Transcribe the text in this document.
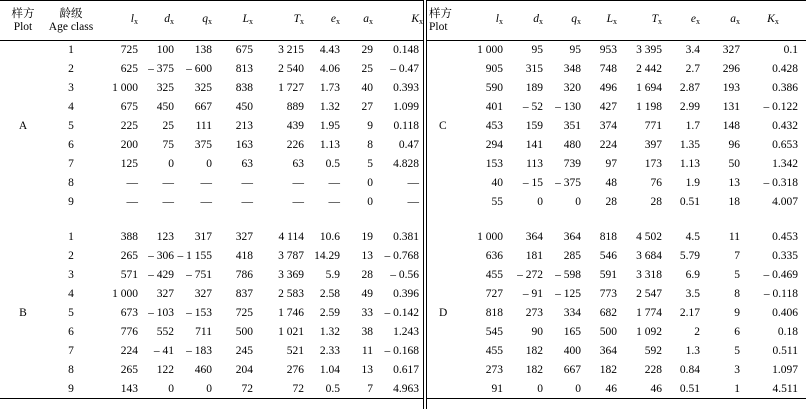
样方
Plot	龄级
Age class	$l_x$	$d_x$	$q_x$	$L_x$	$T_x$	$e_x$	$a_x$	$K_x$
	1	725	100	138	675	3 215	4.43	29	0.148
	2	625	– 375	– 600	813	2 540	4.06	25	– 0.47
	3	1 000	325	325	838	1 727	1.73	40	0.393
	4	675	450	667	450	889	1.32	27	1.099
A	5	225	25	111	213	439	1.95	9	0.118
	6	200	75	375	163	226	1.13	8	0.47
	7	125	0	0	63	63	0.5	5	4.828
	8	—	—	—	—	—	—	0	—
	9	—	—	—	—	—	—	0	—

	1	388	123	317	327	4 114	10.6	19	0.381
	2	265	– 306	– 1 155	418	3 787	14.29	13	– 0.768
	3	571	– 429	– 751	786	3 369	5.9	28	– 0.56
	4	1 000	327	327	837	2 583	2.58	49	0.396
B	5	673	– 103	– 153	725	1 746	2.59	33	– 0.142
	6	776	552	711	500	1 021	1.32	38	1.243
	7	224	– 41	– 183	245	521	2.33	11	– 0.168
	8	265	122	460	204	276	1.04	13	0.617
	9	143	0	0	72	72	0.5	7	4.963
样方
Plot	$l_x$	$d_x$	$q_x$	$L_x$	$T_x$	$e_x$	$a_x$	$K_x$
	1 000	95	95	953	3 395	3.4	327	0.1
	905	315	348	748	2 442	2.7	296	0.428
	590	189	320	496	1 694	2.87	193	0.386
	401	– 52	– 130	427	1 198	2.99	131	– 0.122
C	453	159	351	374	771	1.7	148	0.432
	294	141	480	224	397	1.35	96	0.653
	153	113	739	97	173	1.13	50	1.342
	40	– 15	– 375	48	76	1.9	13	– 0.318
	55	0	0	28	28	0.51	18	4.007

	1 000	364	364	818	4 502	4.5	11	0.453
	636	181	285	546	3 684	5.79	7	0.335
	455	– 272	– 598	591	3 318	6.9	5	– 0.469
	727	– 91	– 125	773	2 547	3.5	8	– 0.118
D	818	273	334	682	1 774	2.17	9	0.406
	545	90	165	500	1 092	2	6	0.18
	455	182	400	364	592	1.3	5	0.511
	273	182	667	182	228	0.84	3	1.097
	91	0	0	46	46	0.51	1	4.511
